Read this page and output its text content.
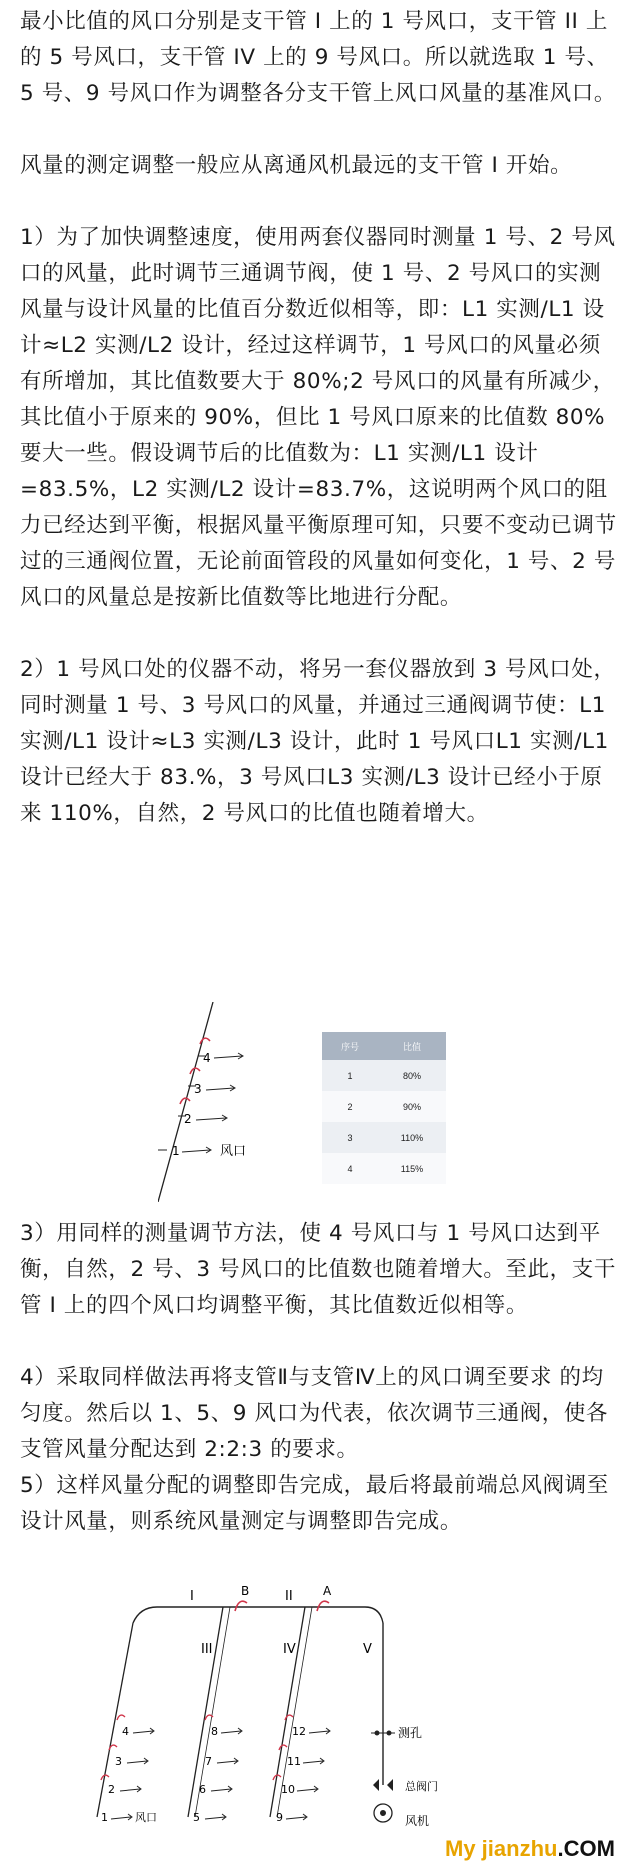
最小比值的风口分别是支干管 I 上的 1 号风口，支干管 II 上的 5 号风口，支干管 IV 上的 9 号风口。所以就选取 1 号、5 号、9 号风口作为调整各分支干管上风口风量的基准风口。

风量的测定调整一般应从离通风机最远的支干管 I 开始。

1）为了加快调整速度，使用两套仪器同时测量 1 号、2 号风口的风量，此时调节三通调节阀，使 1 号、2 号风口的实测风量与设计风量的比值百分数近似相等，即：L1 实测/L1 设计≈L2 实测/L2 设计，经过这样调节，1 号风口的风量必须有所增加，其比值数要大于 80%;2 号风口的风量有所减少，其比值小于原来的 90%，但比 1 号风口原来的比值数 80%要大一些。假设调节后的比值数为：L1 实测/L1 设计=83.5%，L2 实测/L2 设计=83.7%，这说明两个风口的阻力已经达到平衡，根据风量平衡原理可知，只要不变动已调节过的三通阀位置，无论前面管段的风量如何变化，1 号、2 号风口的风量总是按新比值数等比地进行分配。

2）1 号风口处的仪器不动，将另一套仪器放到 3 号风口处，同时测量 1 号、3 号风口的风量，并通过三通阀调节使：L1 实测/L1 设计≈L3 实测/L3 设计，此时 1 号风口L1 实测/L1 设计已经大于 83.%，3 号风口L3 实测/L3 设计已经小于原来 110%，自然，2 号风口的比值也随着增大。

4
3
2
1	风口
序号	比值
1	80%
2	90%
3	110%
4	115%

3）用同样的测量调节方法，使 4 号风口与 1 号风口达到平衡，自然，2 号、3 号风口的比值数也随着增大。至此，支干管 I 上的四个风口均调整平衡，其比值数近似相等。

4）采取同样做法再将支管Ⅱ与支管Ⅳ上的风口调至要求 的均匀度。然后以 1、5、9 风口为代表，依次调节三通阀，使各支管风量分配达到 2:2:3 的要求。

5）这样风量分配的调整即告完成，最后将最前端总风阀调至设计风量，则系统风量测定与调整即告完成。

I	II
III	IV	V
B	A
4
3
2
1 风口
8
7
6
5
12
11
10
9
测孔
总阀门
风机
My jianzhu.COM
